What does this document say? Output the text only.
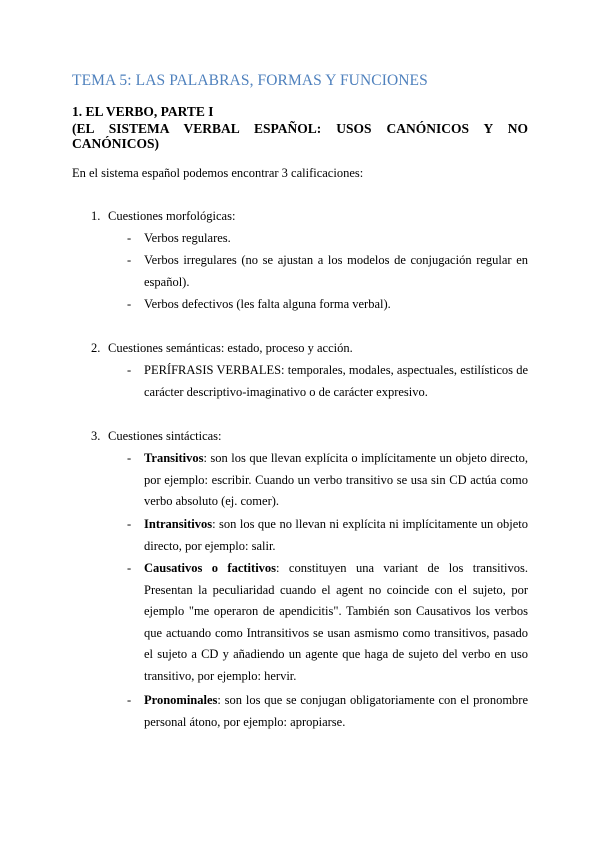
TEMA 5: LAS PALABRAS, FORMAS Y FUNCIONES
1. EL VERBO, PARTE I
(EL SISTEMA VERBAL ESPAÑOL: USOS CANÓNICOS Y NO CANÓNICOS)
En el sistema español podemos encontrar 3 calificaciones:
1. Cuestiones morfológicas:
- Verbos regulares.
- Verbos irregulares (no se ajustan a los modelos de conjugación regular en español).
- Verbos defectivos (les falta alguna forma verbal).
2. Cuestiones semánticas: estado, proceso y acción.
- PERÍFRASIS VERBALES: temporales, modales, aspectuales, estilísticos de carácter descriptivo-imaginativo o de carácter expresivo.
3. Cuestiones sintácticas:
- Transitivos: son los que llevan explícita o implícitamente un objeto directo, por ejemplo: escribir. Cuando un verbo transitivo se usa sin CD actúa como verbo absoluto (ej. comer).
- Intransitivos: son los que no llevan ni explícita ni implícitamente un objeto directo, por ejemplo: salir.
- Causativos o factitivos: constituyen una variant de los transitivos. Presentan la peculiaridad cuando el agent no coincide con el sujeto, por ejemplo "me operaron de apendicitis". También son Causativos los verbos que actuando como Intransitivos se usan asmismo como transitivos, pasado el sujeto a CD y añadiendo un agente que haga de sujeto del verbo en uso transitivo, por ejemplo: hervir.
- Pronominales: son los que se conjugan obligatoriamente con el pronombre personal átono, por ejemplo: apropiarse.
